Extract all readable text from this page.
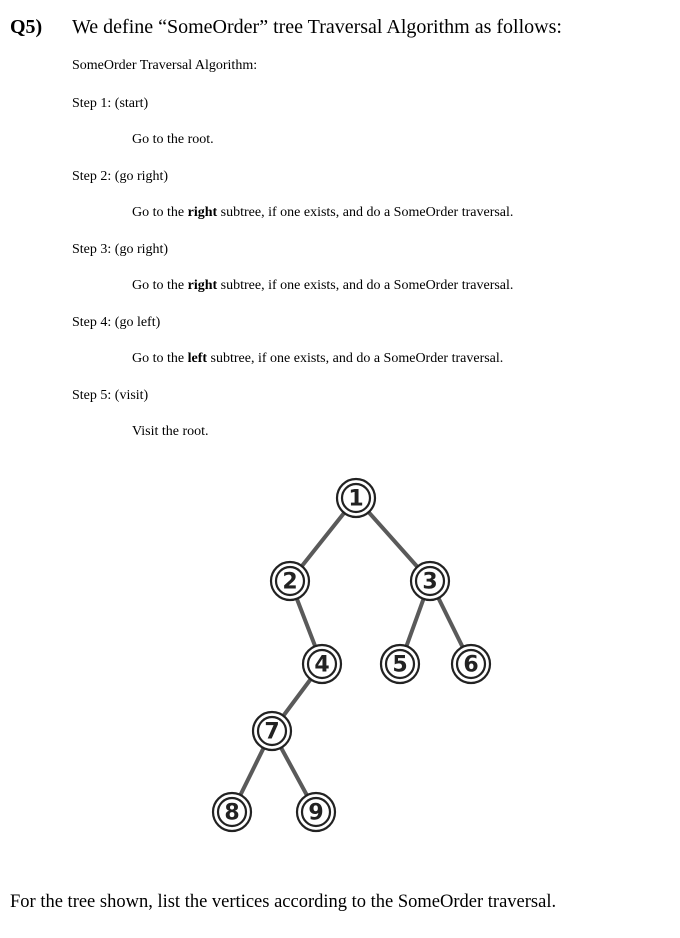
Q5) We define “SomeOrder” tree Traversal Algorithm as follows:
SomeOrder Traversal Algorithm:
Step 1: (start)
Go to the root.
Step 2: (go right)
Go to the right subtree, if one exists, and do a SomeOrder traversal.
Step 3: (go right)
Go to the right subtree, if one exists, and do a SomeOrder traversal.
Step 4: (go left)
Go to the left subtree, if one exists, and do a SomeOrder traversal.
Step 5: (visit)
Visit the root.
1
2	3
4	5	6
7
8	9
For the tree shown, list the vertices according to the SomeOrder traversal.
